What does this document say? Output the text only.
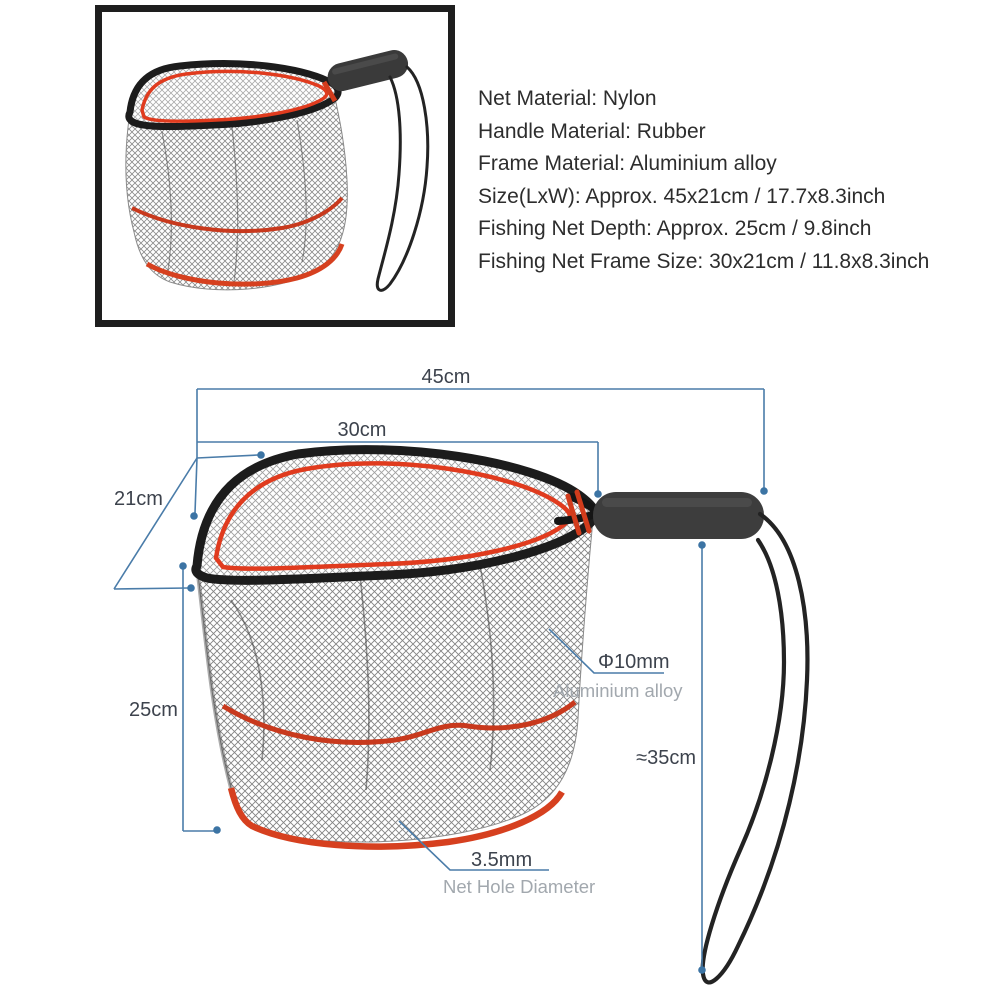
Net Material: Nylon
Handle Material: Rubber
Frame Material: Aluminium alloy
Size(LxW): Approx. 45x21cm / 17.7x8.3inch
Fishing Net Depth: Approx. 25cm / 9.8inch
Fishing Net Frame Size: 30x21cm / 11.8x8.3inch
45cm
30cm
21cm
25cm
≈35cm
Φ10mm
Aluminium alloy
3.5mm
Net Hole Diameter
